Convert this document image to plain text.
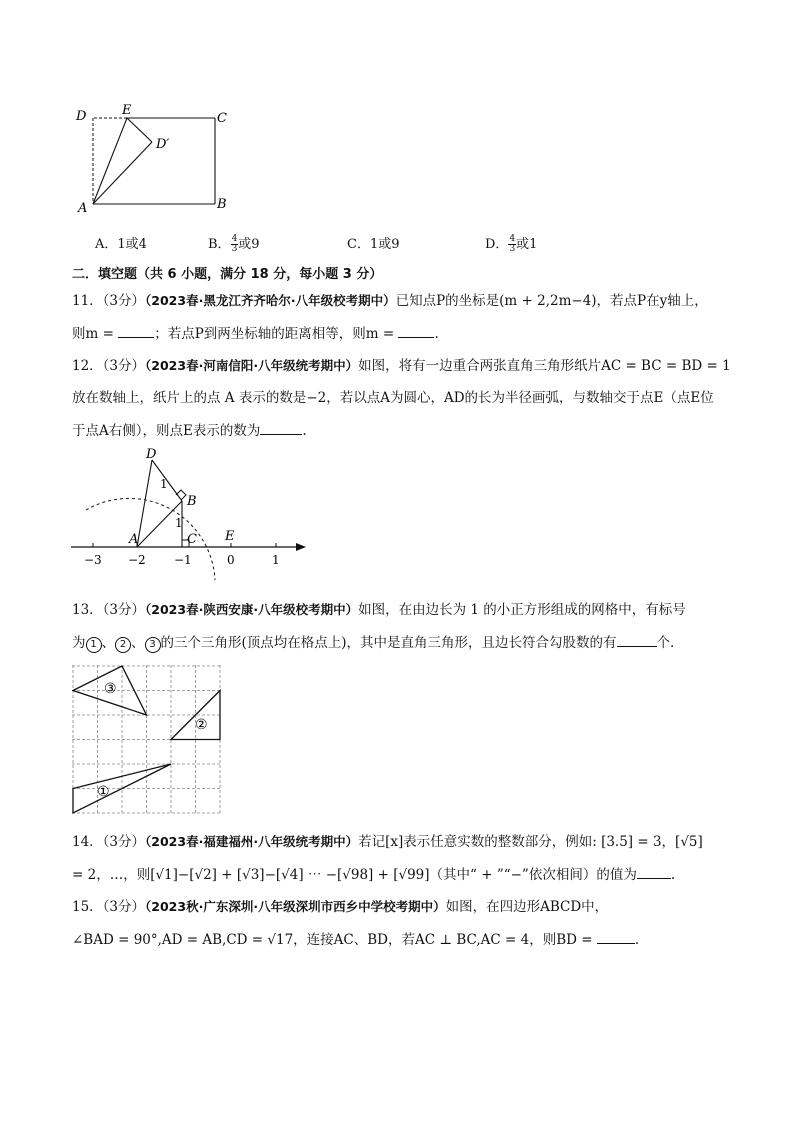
D	E
C
D′
A	B
A．1或4	B． $\frac{4}{3}$ 或9	C．1或9	D． $\frac{4}{3}$ 或1
二．填空题（共 6 小题，满分 18 分，每小题 3 分）
11．（3分）（2023春·黑龙江齐齐哈尔·八年级校考期中）已知点P的坐标是(m + 2,2m−4)，若点P在y轴上，
则m =	；若点P到两坐标轴的距离相等，则m =	.
12．（3分）（2023春·河南信阳·八年级统考期中）如图，将有一边重合两张直角三角形纸片AC = BC = BD = 1
放在数轴上，纸片上的点 A 表示的数是−2，若以点A为圆心，AD的长为半径画弧，与数轴交于点E（点E位
于点A右侧），则点E表示的数为	.
D
B
A	C E
1
1
−3 −2 −1	0	1
13．（3分）（2023春·陕西安康·八年级校考期中）如图，在由边长为 1 的小正方形组成的网格中，有标号
为 1 、 2 、 3 的三个三角形(顶点均在格点上)，其中是直角三角形，且边长符合勾股数的有	个.
③
②
①
14．（3分）（2023春·福建福州·八年级统考期中）若记[x]表示任意实数的整数部分，例如: [3.5] = 3，[√5]
= 2，…，则[√1]−[√2] + [√3]−[√4] ⋯ −[√98] + [√99]（其中“ + ”“−”依次相间）的值为	.
15．（3分）（2023秋·广东深圳·八年级深圳市西乡中学校考期中）如图，在四边形ABCD中，
∠BAD = 90°,AD = AB,CD = √17，连接AC、BD，若AC ⊥ BC,AC = 4，则BD =	.
